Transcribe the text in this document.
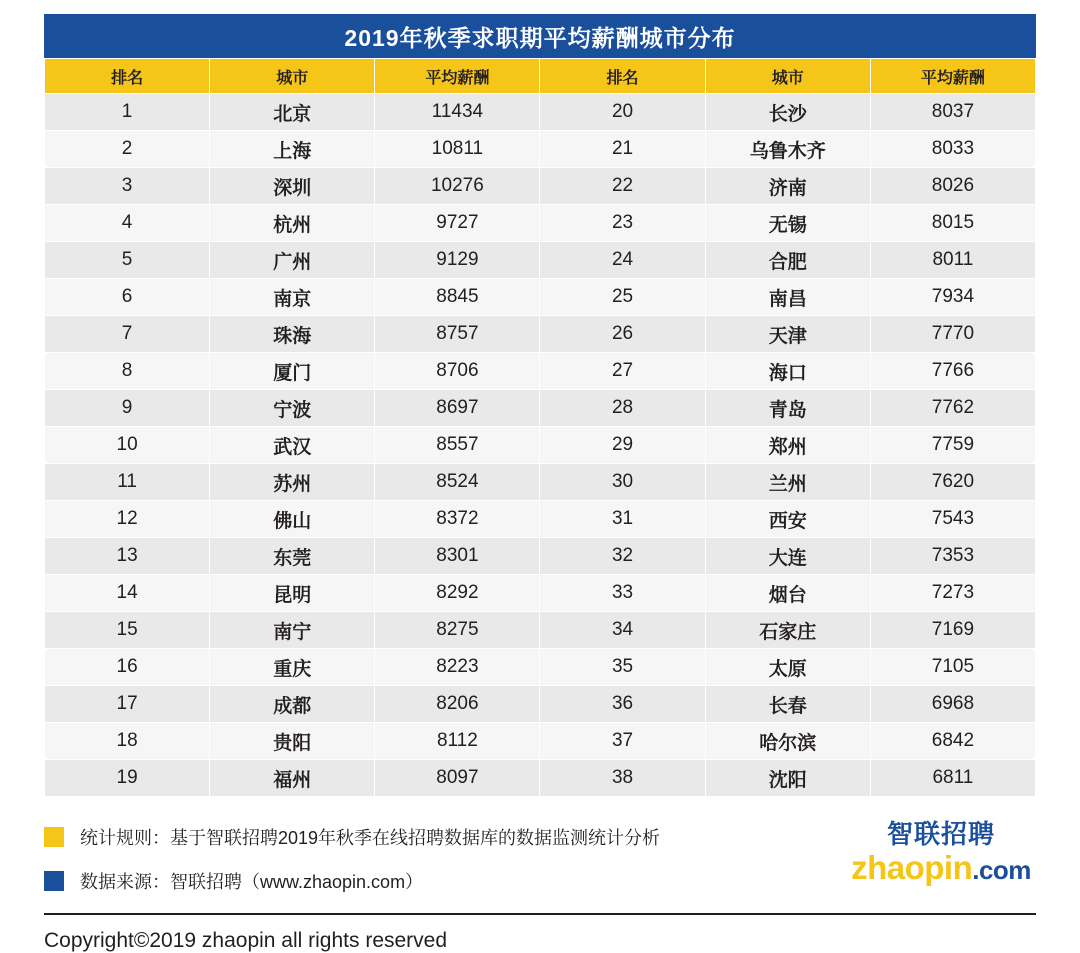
2019年秋季求职期平均薪酬城市分布
排名	城市	平均薪酬	排名	城市	平均薪酬
1	北京	11434	20	长沙	8037
2	上海	10811	21	乌鲁木齐	8033
3	深圳	10276	22	济南	8026
4	杭州	9727	23	无锡	8015
5	广州	9129	24	合肥	8011
6	南京	8845	25	南昌	7934
7	珠海	8757	26	天津	7770
8	厦门	8706	27	海口	7766
9	宁波	8697	28	青岛	7762
10	武汉	8557	29	郑州	7759
11	苏州	8524	30	兰州	7620
12	佛山	8372	31	西安	7543
13	东莞	8301	32	大连	7353
14	昆明	8292	33	烟台	7273
15	南宁	8275	34	石家庄	7169
16	重庆	8223	35	太原	7105
17	成都	8206	36	长春	6968
18	贵阳	8112	37	哈尔滨	6842
19	福州	8097	38	沈阳	6811
统计规则：基于智联招聘2019年秋季在线招聘数据库的数据监测统计分析
数据来源：智联招聘（www.zhaopin.com）
智联招聘
zhaopin.com
Copyright©2019 zhaopin all rights reserved
